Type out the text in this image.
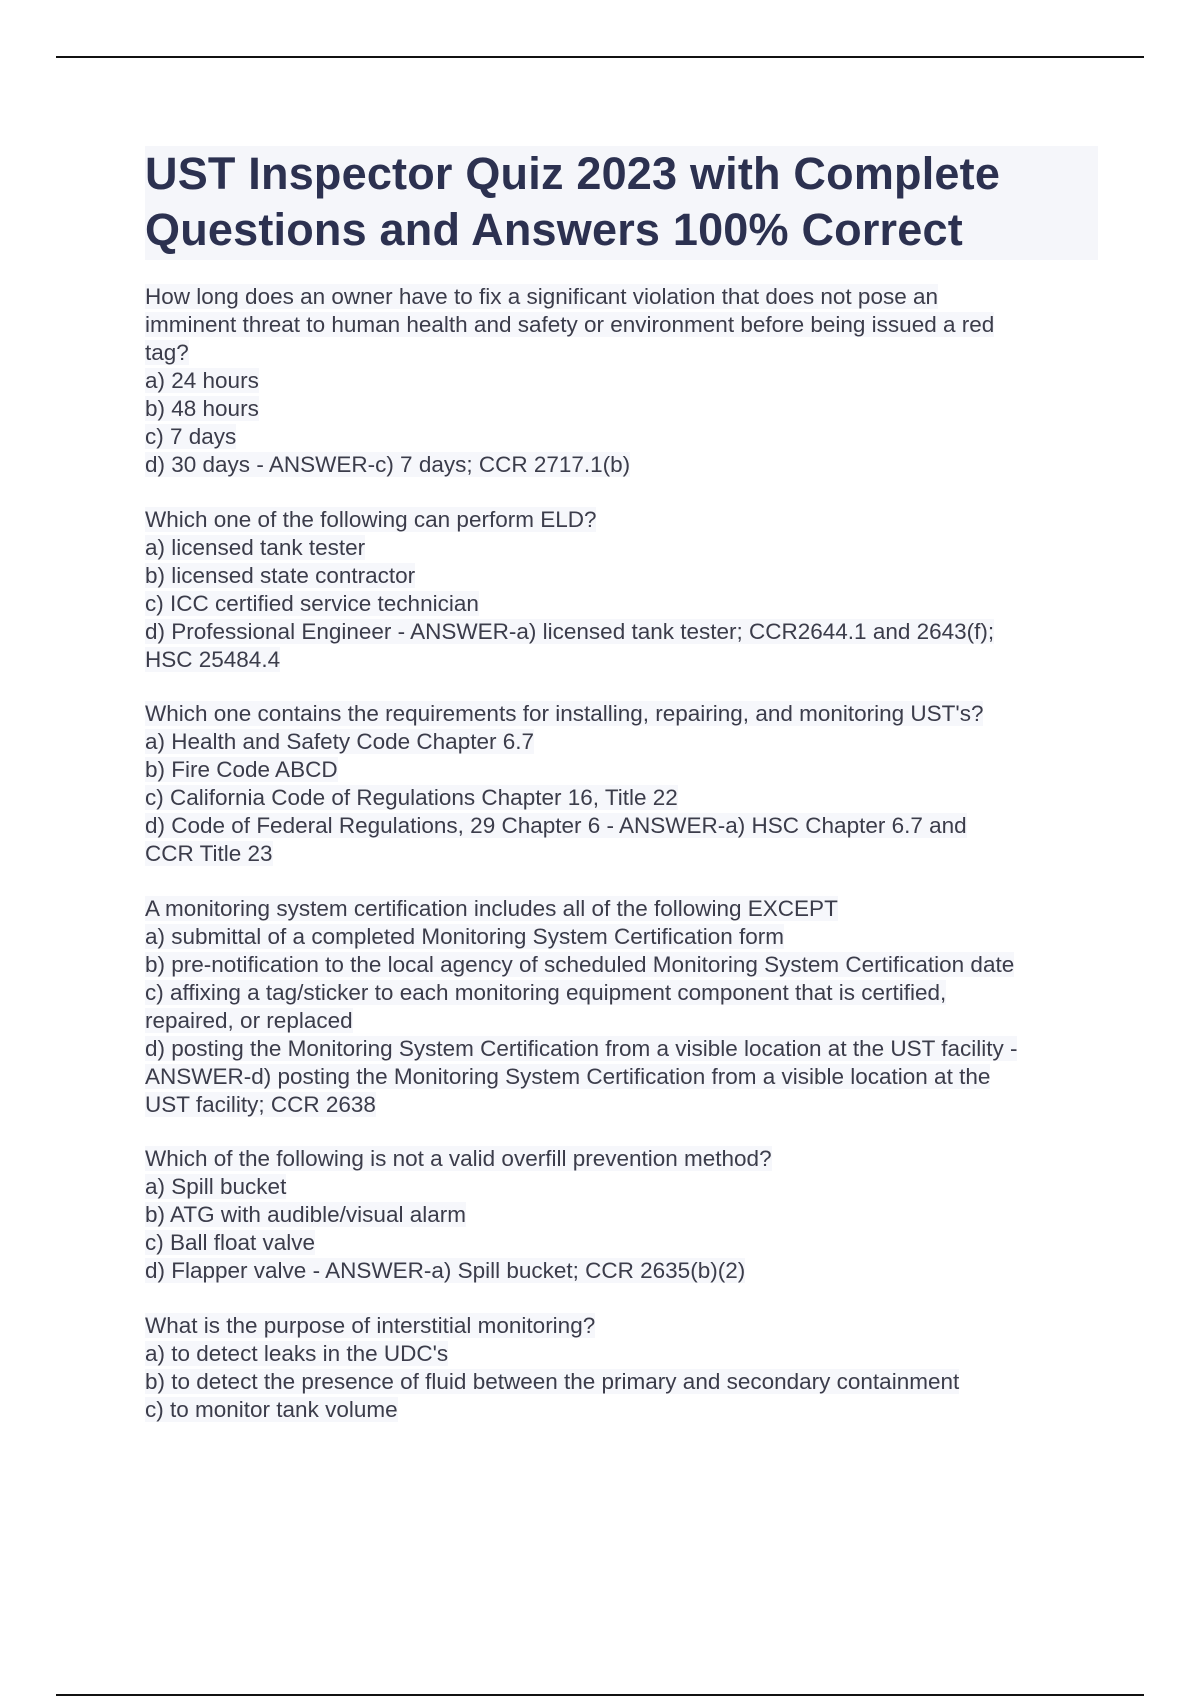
UST Inspector Quiz 2023 with Complete
Questions and Answers 100% Correct
How long does an owner have to fix a significant violation that does not pose an
imminent threat to human health and safety or environment before being issued a red
tag?
a) 24 hours
b) 48 hours
c) 7 days
d) 30 days - ANSWER-c) 7 days; CCR 2717.1(b)
Which one of the following can perform ELD?
a) licensed tank tester
b) licensed state contractor
c) ICC certified service technician
d) Professional Engineer - ANSWER-a) licensed tank tester; CCR2644.1 and 2643(f);
HSC 25484.4
Which one contains the requirements for installing, repairing, and monitoring UST's?
a) Health and Safety Code Chapter 6.7
b) Fire Code ABCD
c) California Code of Regulations Chapter 16, Title 22
d) Code of Federal Regulations, 29 Chapter 6 - ANSWER-a) HSC Chapter 6.7 and
CCR Title 23
A monitoring system certification includes all of the following EXCEPT
a) submittal of a completed Monitoring System Certification form
b) pre-notification to the local agency of scheduled Monitoring System Certification date
c) affixing a tag/sticker to each monitoring equipment component that is certified,
repaired, or replaced
d) posting the Monitoring System Certification from a visible location at the UST facility -
ANSWER-d) posting the Monitoring System Certification from a visible location at the
UST facility; CCR 2638
Which of the following is not a valid overfill prevention method?
a) Spill bucket
b) ATG with audible/visual alarm
c) Ball float valve
d) Flapper valve - ANSWER-a) Spill bucket; CCR 2635(b)(2)
What is the purpose of interstitial monitoring?
a) to detect leaks in the UDC's
b) to detect the presence of fluid between the primary and secondary containment
c) to monitor tank volume
